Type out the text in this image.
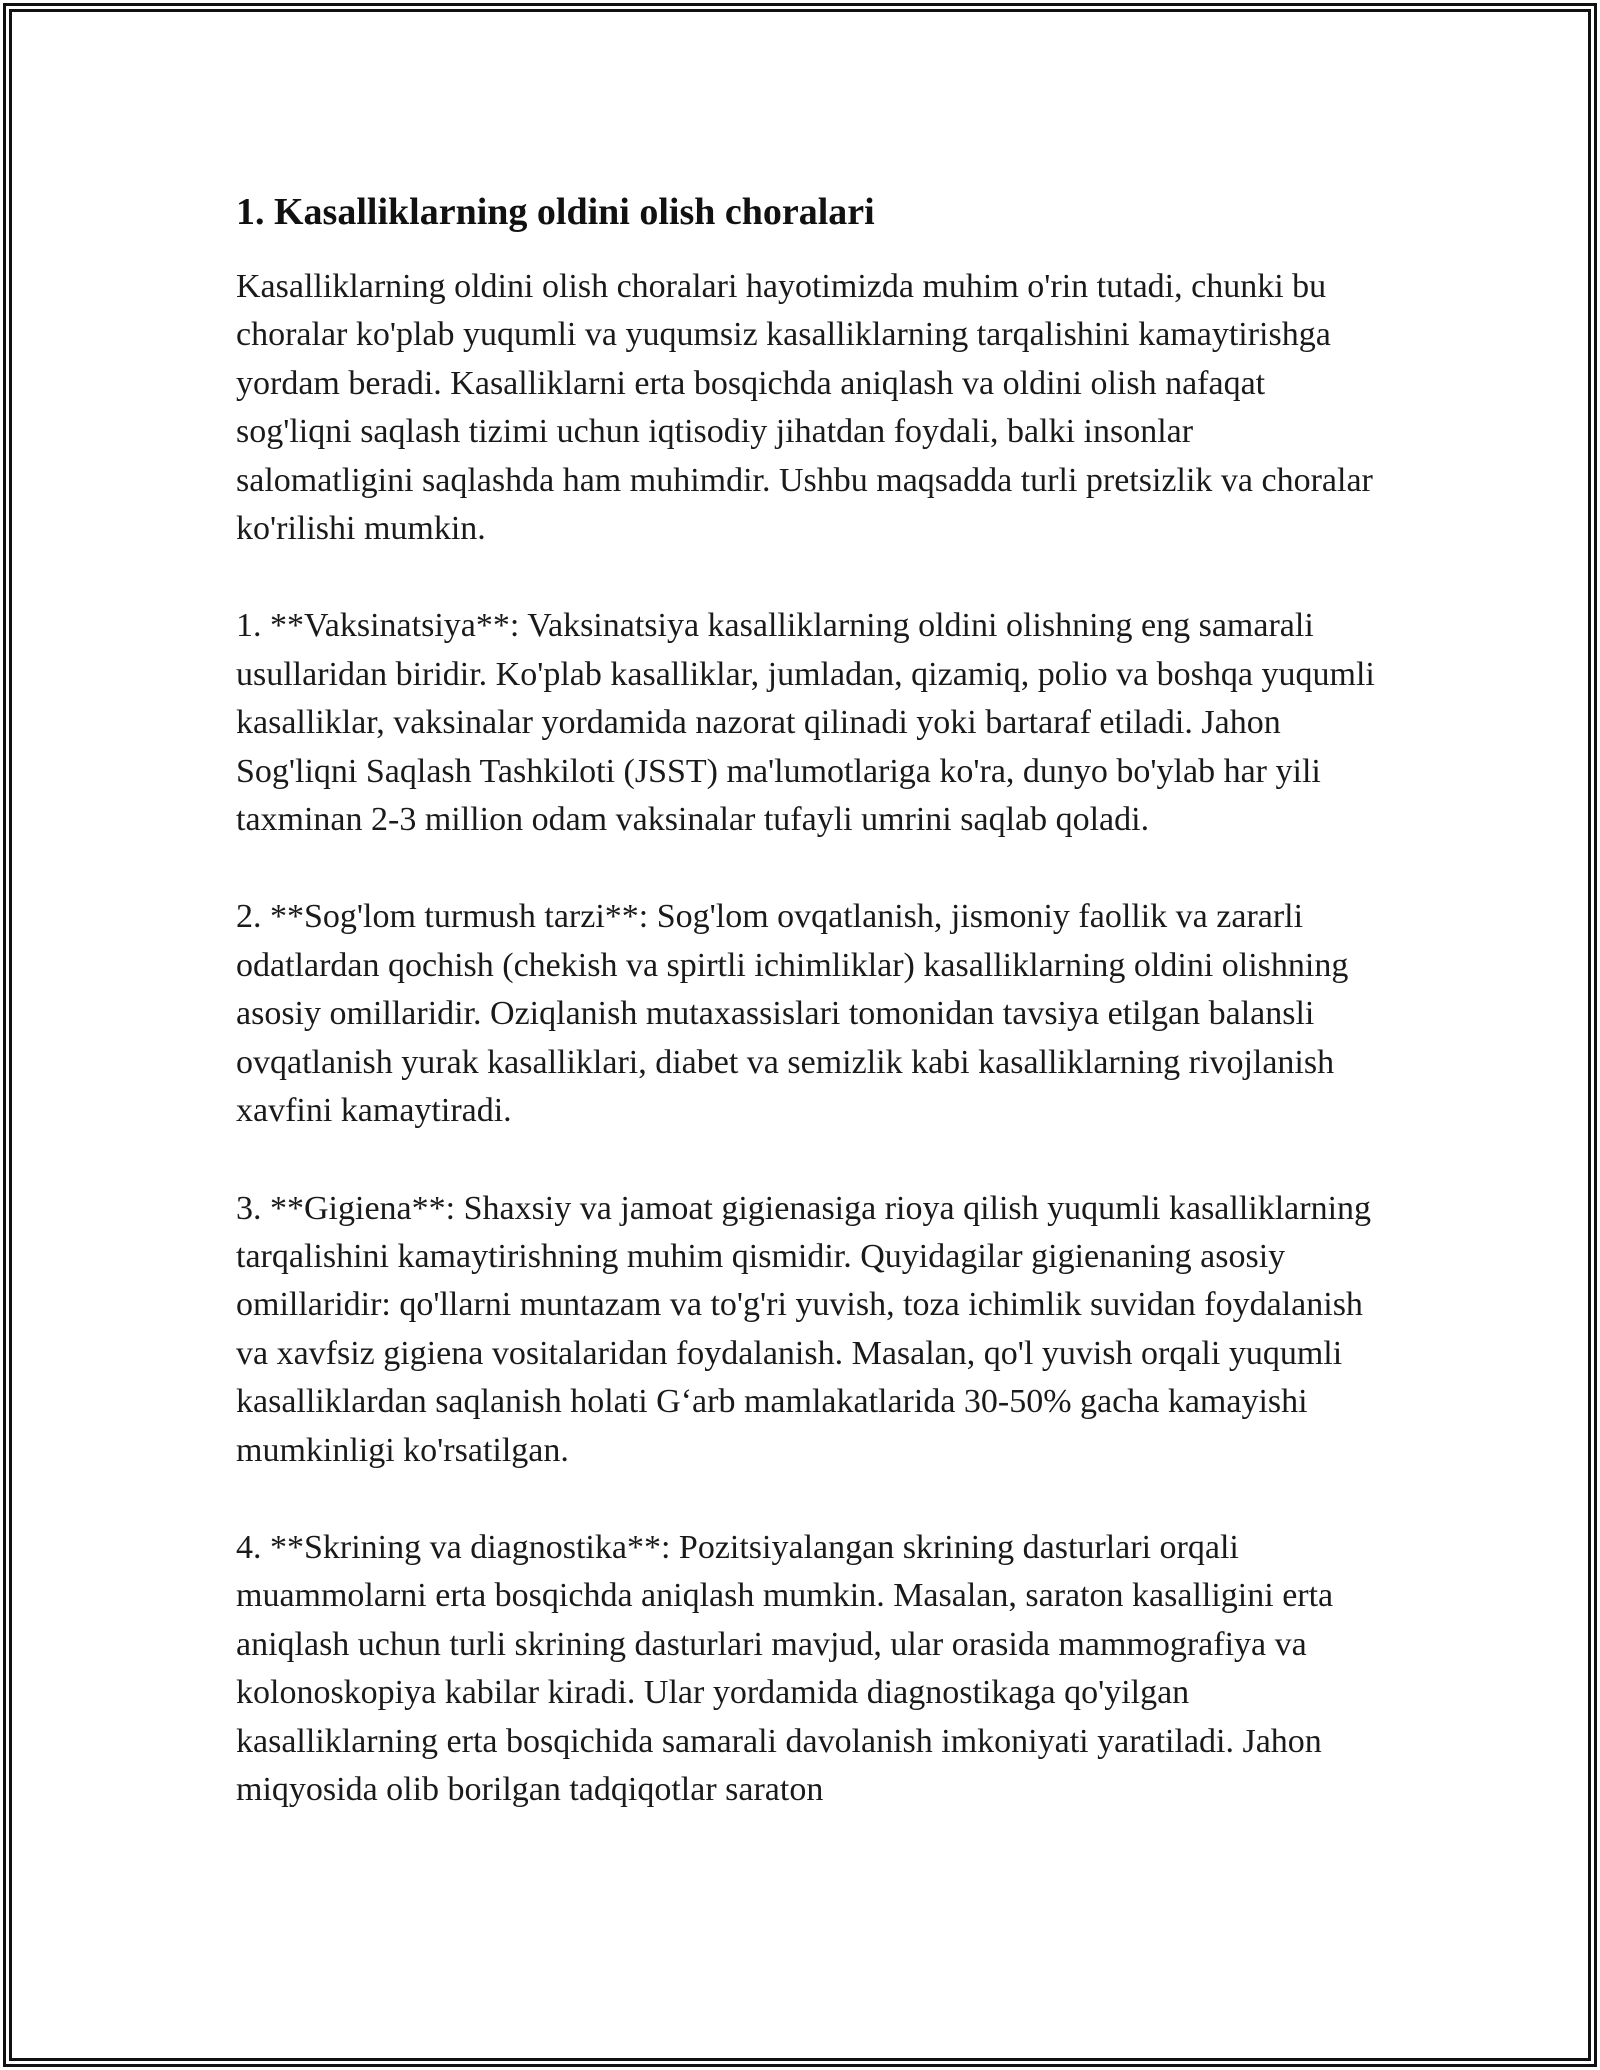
1. Kasalliklarning oldini olish choralari

Kasalliklarning oldini olish choralari hayotimizda muhim o'rin tutadi, chunki bu choralar ko'plab yuqumli va yuqumsiz kasalliklarning tarqalishini kamaytirishga yordam beradi. Kasalliklarni erta bosqichda aniqlash va oldini olish nafaqat sog'liqni saqlash tizimi uchun iqtisodiy jihatdan foydali, balki insonlar salomatligini saqlashda ham muhimdir. Ushbu maqsadda turli pretsizlik va choralar ko'rilishi mumkin.

1. **Vaksinatsiya**: Vaksinatsiya kasalliklarning oldini olishning eng samarali usullaridan biridir. Ko'plab kasalliklar, jumladan, qizamiq, polio va boshqa yuqumli kasalliklar, vaksinalar yordamida nazorat qilinadi yoki bartaraf etiladi. Jahon Sog'liqni Saqlash Tashkiloti (JSST) ma'lumotlariga ko'ra, dunyo bo'ylab har yili taxminan 2-3 million odam vaksinalar tufayli umrini saqlab qoladi.

2. **Sog'lom turmush tarzi**: Sog'lom ovqatlanish, jismoniy faollik va zararli odatlardan qochish (chekish va spirtli ichimliklar) kasalliklarning oldini olishning asosiy omillaridir. Oziqlanish mutaxassislari tomonidan tavsiya etilgan balansli ovqatlanish yurak kasalliklari, diabet va semizlik kabi kasalliklarning rivojlanish xavfini kamaytiradi.

3. **Gigiena**: Shaxsiy va jamoat gigienasiga rioya qilish yuqumli kasalliklarning tarqalishini kamaytirishning muhim qismidir. Quyidagilar gigienaning asosiy omillaridir: qo'llarni muntazam va to'g'ri yuvish, toza ichimlik suvidan foydalanish va xavfsiz gigiena vositalaridan foydalanish. Masalan, qo'l yuvish orqali yuqumli kasalliklardan saqlanish holati G‘arb mamlakatlarida 30-50% gacha kamayishi mumkinligi ko'rsatilgan.

4. **Skrining va diagnostika**: Pozitsiyalangan skrining dasturlari orqali muammolarni erta bosqichda aniqlash mumkin. Masalan, saraton kasalligini erta aniqlash uchun turli skrining dasturlari mavjud, ular orasida mammografiya va kolonoskopiya kabilar kiradi. Ular yordamida diagnostikaga qo'yilgan kasalliklarning erta bosqichida samarali davolanish imkoniyati yaratiladi. Jahon miqyosida olib borilgan tadqiqotlar saraton
